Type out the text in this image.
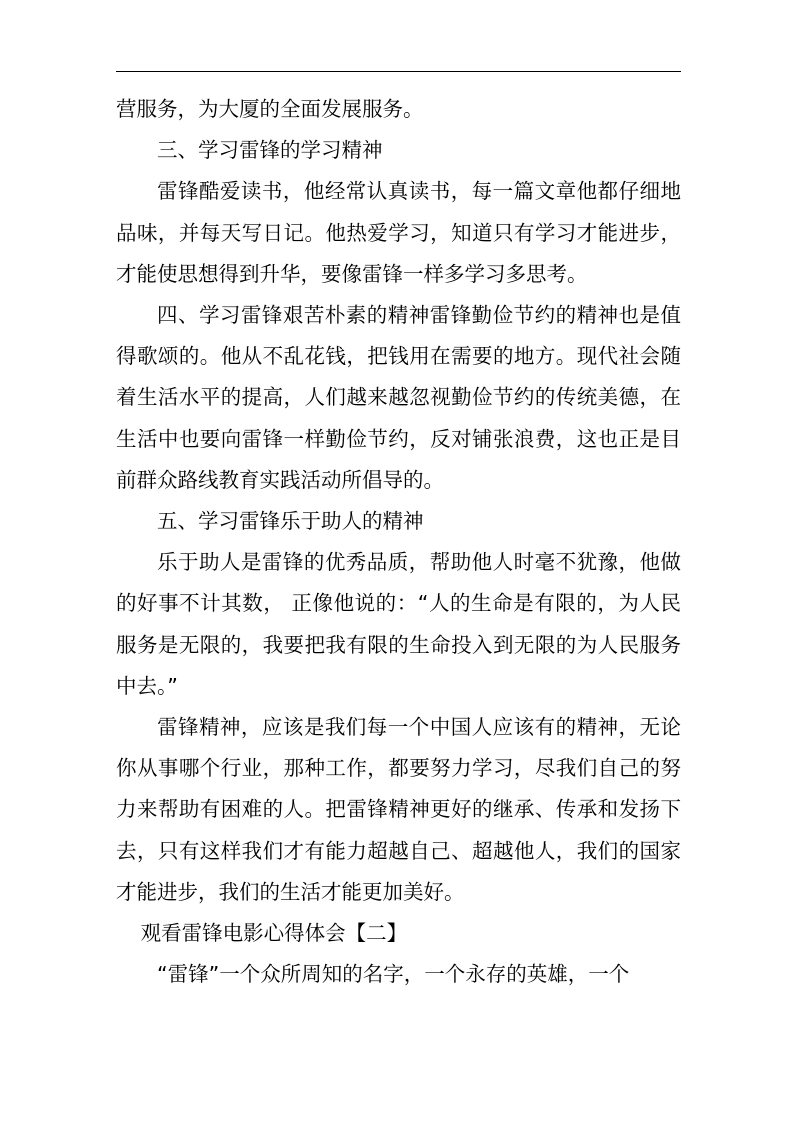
营服务，为大厦的全面发展服务。

三、学习雷锋的学习精神

雷锋酷爱读书，他经常认真读书，每一篇文章他都仔细地品味，并每天写日记。他热爱学习，知道只有学习才能进步，才能使思想得到升华，要像雷锋一样多学习多思考。

四、学习雷锋艰苦朴素的精神雷锋勤俭节约的精神也是值得歌颂的。他从不乱花钱，把钱用在需要的地方。现代社会随着生活水平的提高，人们越来越忽视勤俭节约的传统美德，在生活中也要向雷锋一样勤俭节约，反对铺张浪费，这也正是目前群众路线教育实践活动所倡导的。

五、学习雷锋乐于助人的精神

乐于助人是雷锋的优秀品质，帮助他人时毫不犹豫，他做的好事不计其数， 正像他说的：“人的生命是有限的，为人民服务是无限的，我要把我有限的生命投入到无限的为人民服务中去。”

雷锋精神，应该是我们每一个中国人应该有的精神，无论你从事哪个行业，那种工作，都要努力学习，尽我们自己的努力来帮助有困难的人。把雷锋精神更好的继承、传承和发扬下去，只有这样我们才有能力超越自己、超越他人，我们的国家才能进步，我们的生活才能更加美好。

观看雷锋电影心得体会【二】

“雷锋”一个众所周知的名字，一个永存的英雄，一个
